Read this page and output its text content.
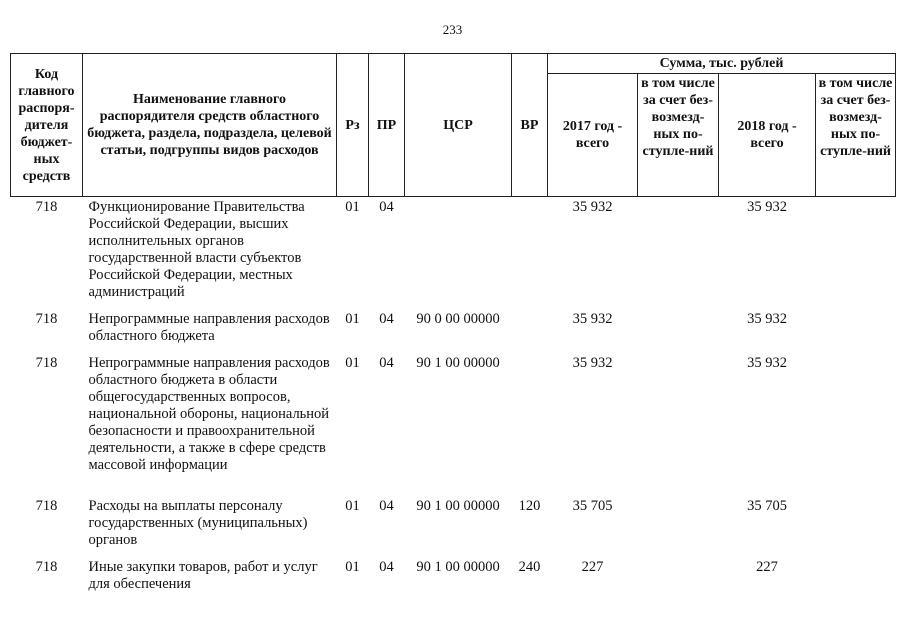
233
Код главного распоря-дителя бюджет-ных средств	Наименование главного распорядителя средств областного бюджета, раздела, подраздела, целевой статьи, подгруппы видов расходов	Рз	ПР	ЦСР	ВР	Сумма, тыс. рублей			
						2017 год - всего	в том числе за счет без-возмезд-ных по-ступле-ний	2018 год - всего	в том числе за счет без-возмезд-ных по-ступле-ний
718	Функционирование Правительства Российской Федерации, высших исполнительных органов государственной власти субъектов Российской Федерации, местных администраций	01	04			35 932		35 932	
718	Непрограммные направления расходов областного бюджета	01	04	90 0 00 00000		35 932		35 932	
718	Непрограммные направления расходов областного бюджета в области общегосударственных вопросов, национальной обороны, национальной безопасности и правоохранительной деятельности, а также в сфере средств массовой информации	01	04	90 1 00 00000		35 932		35 932	
718	Расходы на выплаты персоналу государственных (муниципальных) органов	01	04	90 1 00 00000	120	35 705		35 705	
718	Иные закупки товаров, работ и услуг для обеспечения	01	04	90 1 00 00000	240	227		227	
